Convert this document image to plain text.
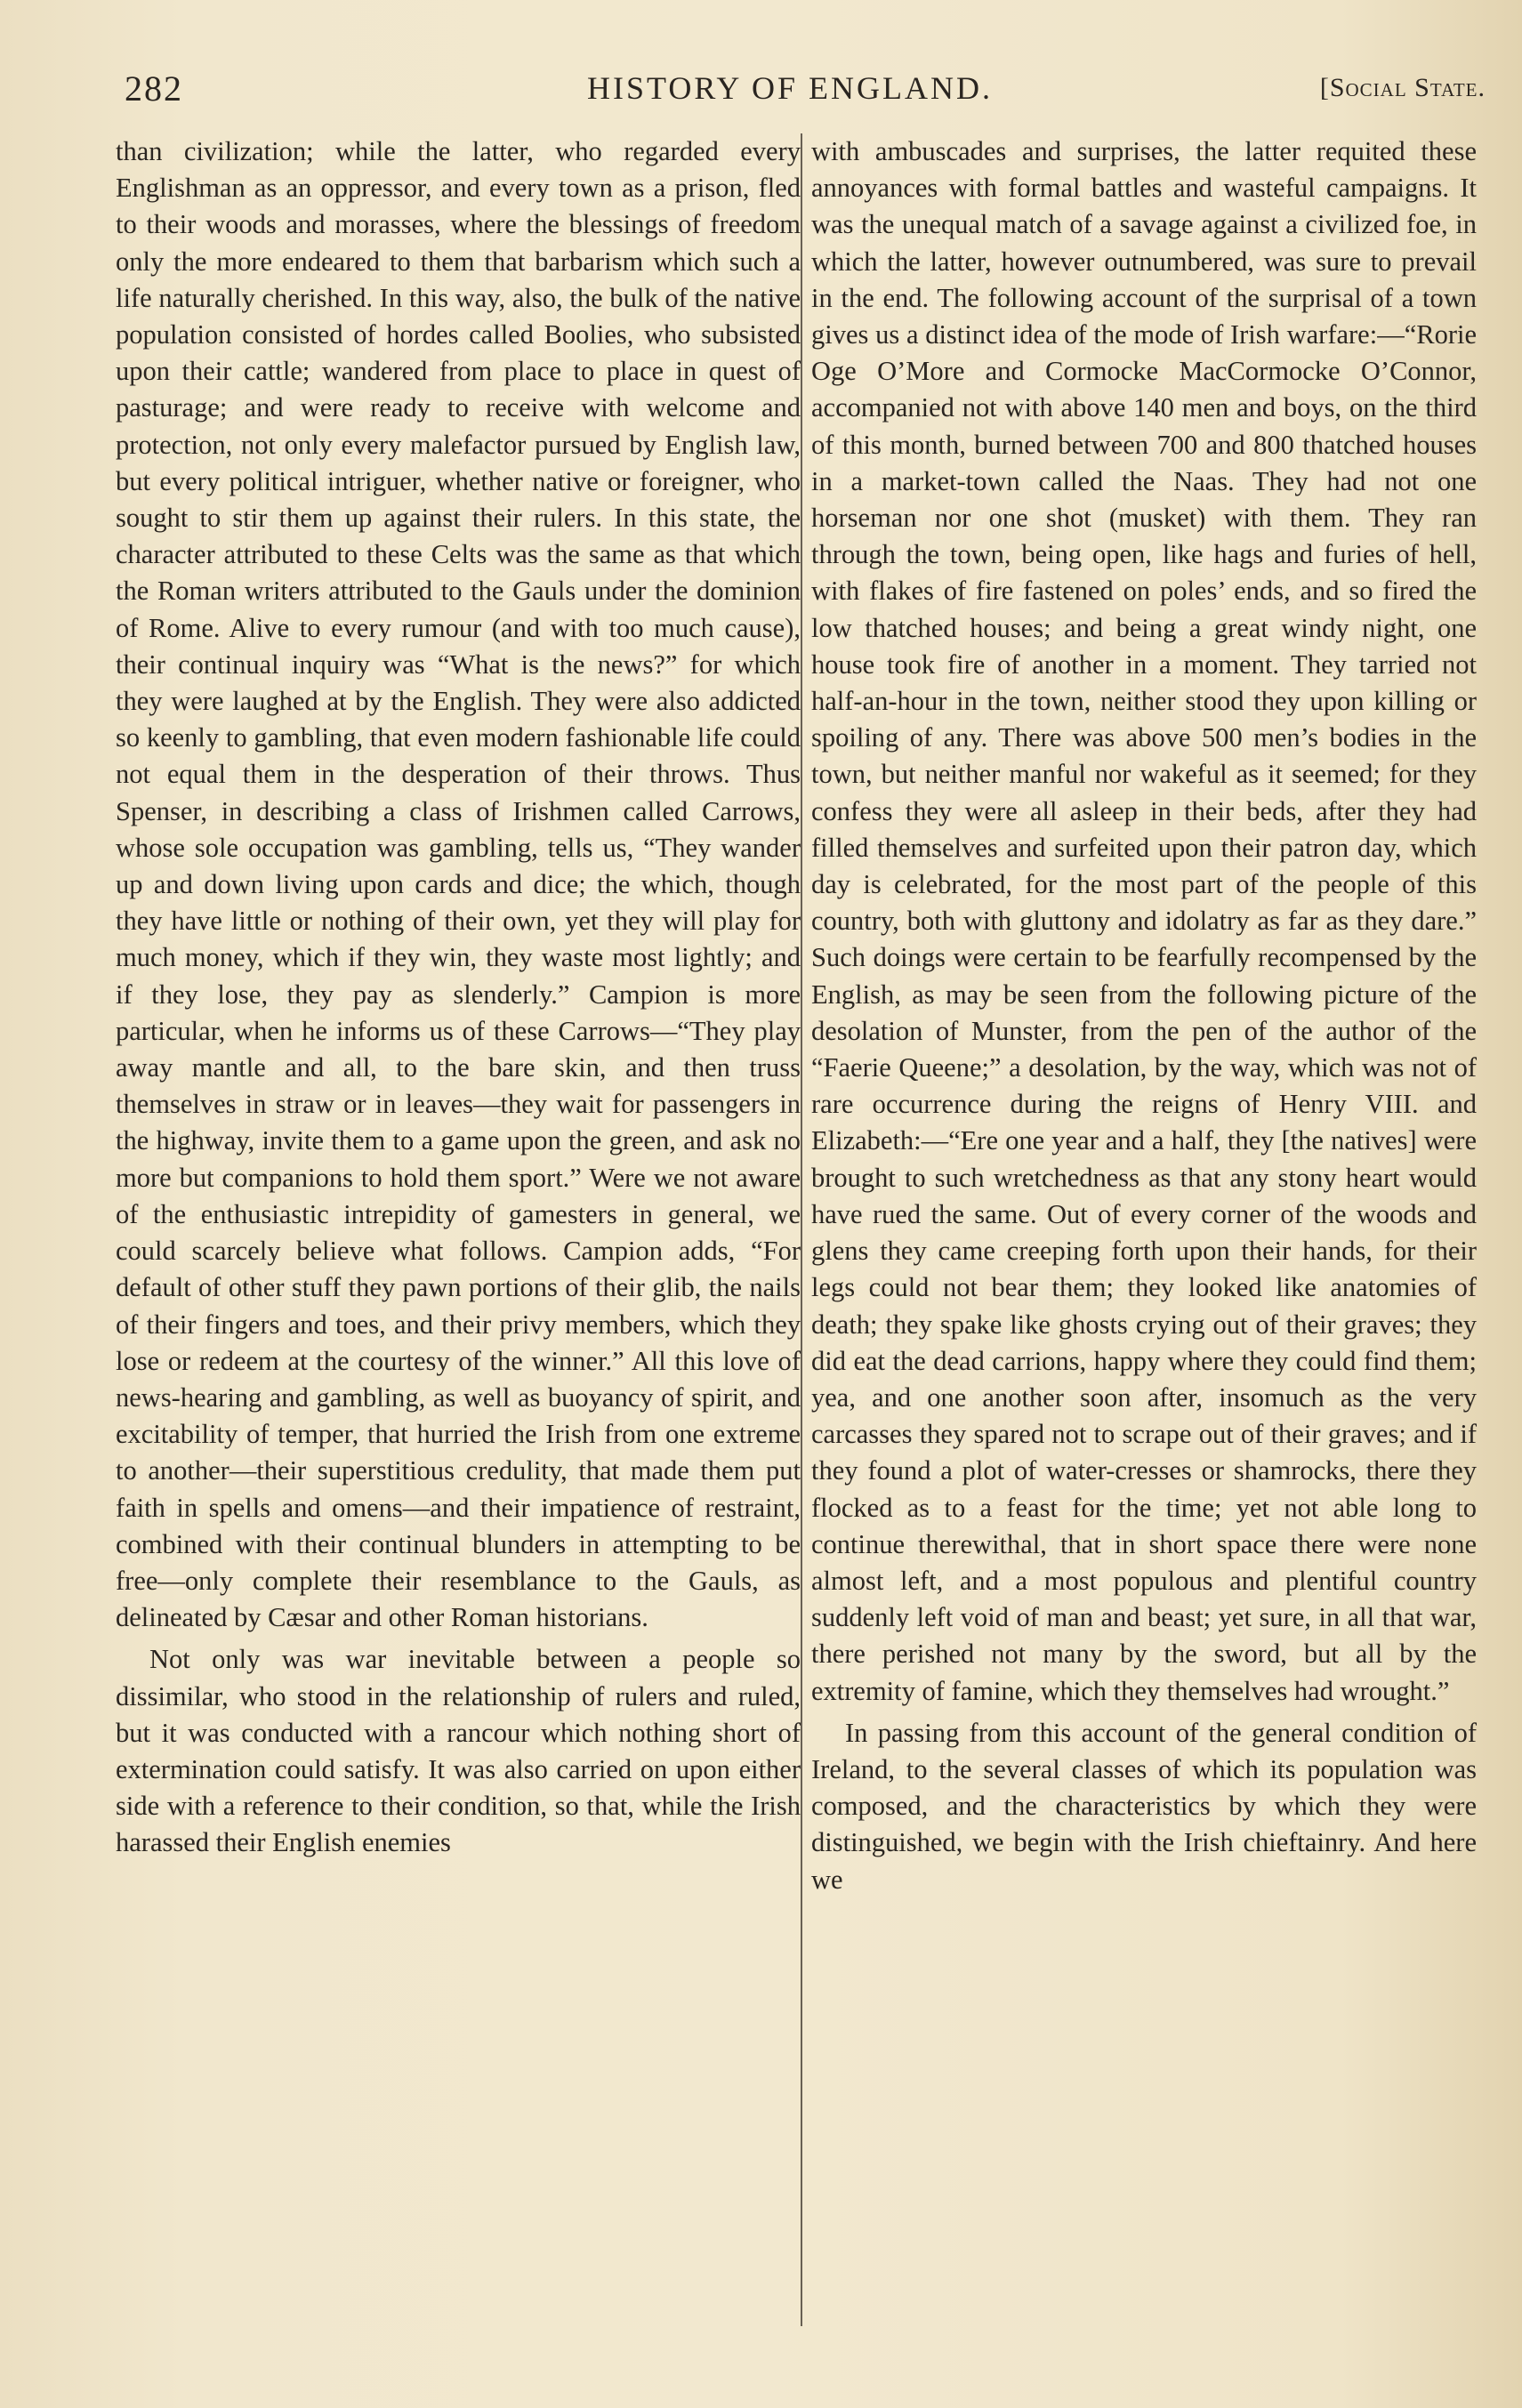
282	HISTORY OF ENGLAND.	[Social State.

than civilization; while the latter, who regarded every Englishman as an oppressor, and every town as a prison, fled to their woods and morasses, where the blessings of freedom only the more endeared to them that barbarism which such a life naturally cherished. In this way, also, the bulk of the native population consisted of hordes called Boolies, who subsisted upon their cattle; wandered from place to place in quest of pasturage; and were ready to receive with welcome and protection, not only every malefactor pursued by English law, but every political intriguer, whether native or foreigner, who sought to stir them up against their rulers. In this state, the character attributed to these Celts was the same as that which the Roman writers attributed to the Gauls under the dominion of Rome. Alive to every rumour (and with too much cause), their continual inquiry was “What is the news?” for which they were laughed at by the English. They were also addicted so keenly to gambling, that even modern fashionable life could not equal them in the desperation of their throws. Thus Spenser, in describing a class of Irishmen called Carrows, whose sole occupation was gambling, tells us, “They wander up and down living upon cards and dice; the which, though they have little or nothing of their own, yet they will play for much money, which if they win, they waste most lightly; and if they lose, they pay as slenderly.” Campion is more particular, when he informs us of these Carrows—“They play away mantle and all, to the bare skin, and then truss themselves in straw or in leaves—they wait for passengers in the highway, invite them to a game upon the green, and ask no more but companions to hold them sport.” Were we not aware of the enthusiastic intrepidity of gamesters in general, we could scarcely believe what follows. Campion adds, “For default of other stuff they pawn portions of their glib, the nails of their fingers and toes, and their privy members, which they lose or redeem at the courtesy of the winner.” All this love of news-hearing and gambling, as well as buoyancy of spirit, and excitability of temper, that hurried the Irish from one extreme to another—their superstitious credulity, that made them put faith in spells and omens—and their impatience of restraint, combined with their continual blunders in attempting to be free—only complete their resemblance to the Gauls, as delineated by Cæsar and other Roman historians.

Not only was war inevitable between a people so dissimilar, who stood in the relationship of rulers and ruled, but it was conducted with a rancour which nothing short of extermination could satisfy. It was also carried on upon either side with a reference to their condition, so that, while the Irish harassed their English enemies

with ambuscades and surprises, the latter requited these annoyances with formal battles and wasteful campaigns. It was the unequal match of a savage against a civilized foe, in which the latter, however outnumbered, was sure to prevail in the end. The following account of the surprisal of a town gives us a distinct idea of the mode of Irish warfare:—“Rorie Oge O’More and Cormocke MacCormocke O’Connor, accompanied not with above 140 men and boys, on the third of this month, burned between 700 and 800 thatched houses in a market-town called the Naas. They had not one horseman nor one shot (musket) with them. They ran through the town, being open, like hags and furies of hell, with flakes of fire fastened on poles’ ends, and so fired the low thatched houses; and being a great windy night, one house took fire of another in a moment. They tarried not half-an-hour in the town, neither stood they upon killing or spoiling of any. There was above 500 men’s bodies in the town, but neither manful nor wakeful as it seemed; for they confess they were all asleep in their beds, after they had filled themselves and surfeited upon their patron day, which day is celebrated, for the most part of the people of this country, both with gluttony and idolatry as far as they dare.” Such doings were certain to be fearfully recompensed by the English, as may be seen from the following picture of the desolation of Munster, from the pen of the author of the “Faerie Queene;” a desolation, by the way, which was not of rare occurrence during the reigns of Henry VIII. and Elizabeth:—“Ere one year and a half, they [the natives] were brought to such wretchedness as that any stony heart would have rued the same. Out of every corner of the woods and glens they came creeping forth upon their hands, for their legs could not bear them; they looked like anatomies of death; they spake like ghosts crying out of their graves; they did eat the dead carrions, happy where they could find them; yea, and one another soon after, insomuch as the very carcasses they spared not to scrape out of their graves; and if they found a plot of water-cresses or shamrocks, there they flocked as to a feast for the time; yet not able long to continue therewithal, that in short space there were none almost left, and a most populous and plentiful country suddenly left void of man and beast; yet sure, in all that war, there perished not many by the sword, but all by the extremity of famine, which they themselves had wrought.”

In passing from this account of the general condition of Ireland, to the several classes of which its population was composed, and the characteristics by which they were distinguished, we begin with the Irish chieftainry. And here we
